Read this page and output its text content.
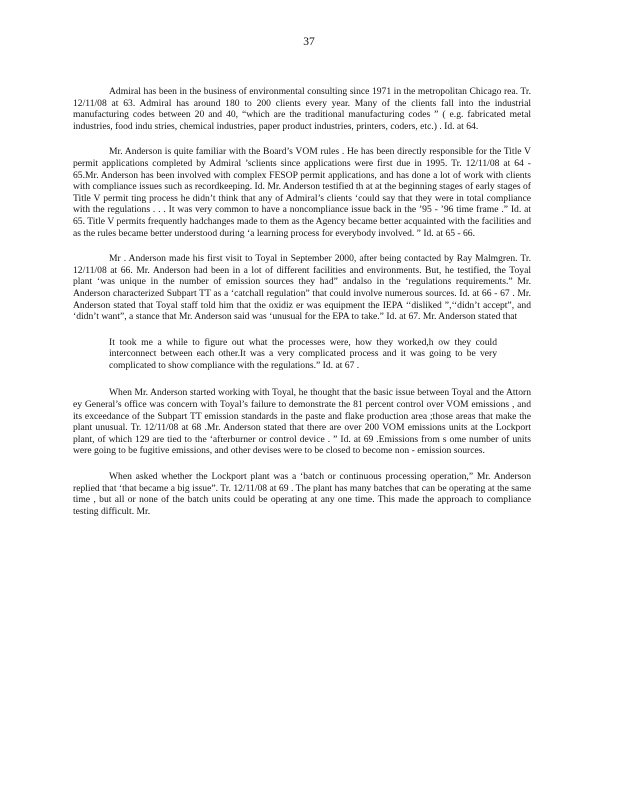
37

Admiral has been in the business of environmental consulting since 1971 in the metropolitan Chicago rea. Tr. 12/11/08 at 63. Admiral has around 180 to 200 clients every year. Many of the clients fall into the industrial manufacturing codes between 20 and 40, “which are the traditional manufacturing codes ” ( e.g. fabricated metal industries, food indu stries, chemical industries, paper product industries, printers, coders, etc.) . Id. at 64.

Mr. Anderson is quite familiar with the Board’s VOM rules . He has been directly responsible for the Title V permit applications completed by Admiral ’sclients since applications were first due in 1995. Tr. 12/11/08 at 64 - 65.Mr. Anderson has been involved with complex FESOP permit applications, and has done a lot of work with clients with compliance issues such as recordkeeping. Id. Mr. Anderson testified th at at the beginning stages of early stages of Title V permit ting process he didn’t think that any of Admiral’s clients ‘could say that they were in total compliance with the regulations . . . It was very common to have a noncompliance issue back in the ’95 - ’96 time frame .” Id. at 65. Title V permits frequently hadchanges made to them as the Agency became better acquainted with the facilities and as the rules became better understood during ‘a learning process for everybody involved. ” Id. at 65 - 66.

Mr . Anderson made his first visit to Toyal in September 2000, after being contacted by Ray Malmgren. Tr. 12/11/08 at 66. Mr. Anderson had been in a lot of different facilities and environments. But, he testified, the Toyal plant ‘was unique in the number of emission sources they had” andalso in the ‘regulations requirements.” Mr. Anderson characterized Subpart TT as a ‘catchall regulation” that could involve numerous sources. Id. at 66 - 67 . Mr. Anderson stated that Toyal staff told him that the oxidiz er was equipment the IEPA ‘‘disliked ”,‘‘didn’t accept”, and ‘didn’t want”, a stance that Mr. Anderson said was ‘unusual for the EPA to take.” Id. at 67. Mr. Anderson stated that

It took me a while to figure out what the processes were, how they worked,h ow they could interconnect between each other.It was a very complicated process and it was going to be very complicated to show compliance with the regulations.” Id. at 67 .

When Mr. Anderson started working with Toyal, he thought that the basic issue between Toyal and the Attorn ey General’s office was concern with Toyal’s failure to demonstrate the 81 percent control over VOM emissions , and its exceedance of the Subpart TT emission standards in the paste and flake production area ;those areas that make the plant unusual. Tr. 12/11/08 at 68 .Mr. Anderson stated that there are over 200 VOM emissions units at the Lockport plant, of which 129 are tied to the ‘afterburner or control device . ” Id. at 69 .Emissions from s ome number of units were going to be fugitive emissions, and other devises were to be closed to become non - emission sources.

When asked whether the Lockport plant was a ‘batch or continuous processing operation,” Mr. Anderson replied that ‘that became a big issue”. Tr. 12/11/08 at 69 . The plant has many batches that can be operating at the same time , but all or none of the batch units could be operating at any one time. This made the approach to compliance testing difficult. Mr.
